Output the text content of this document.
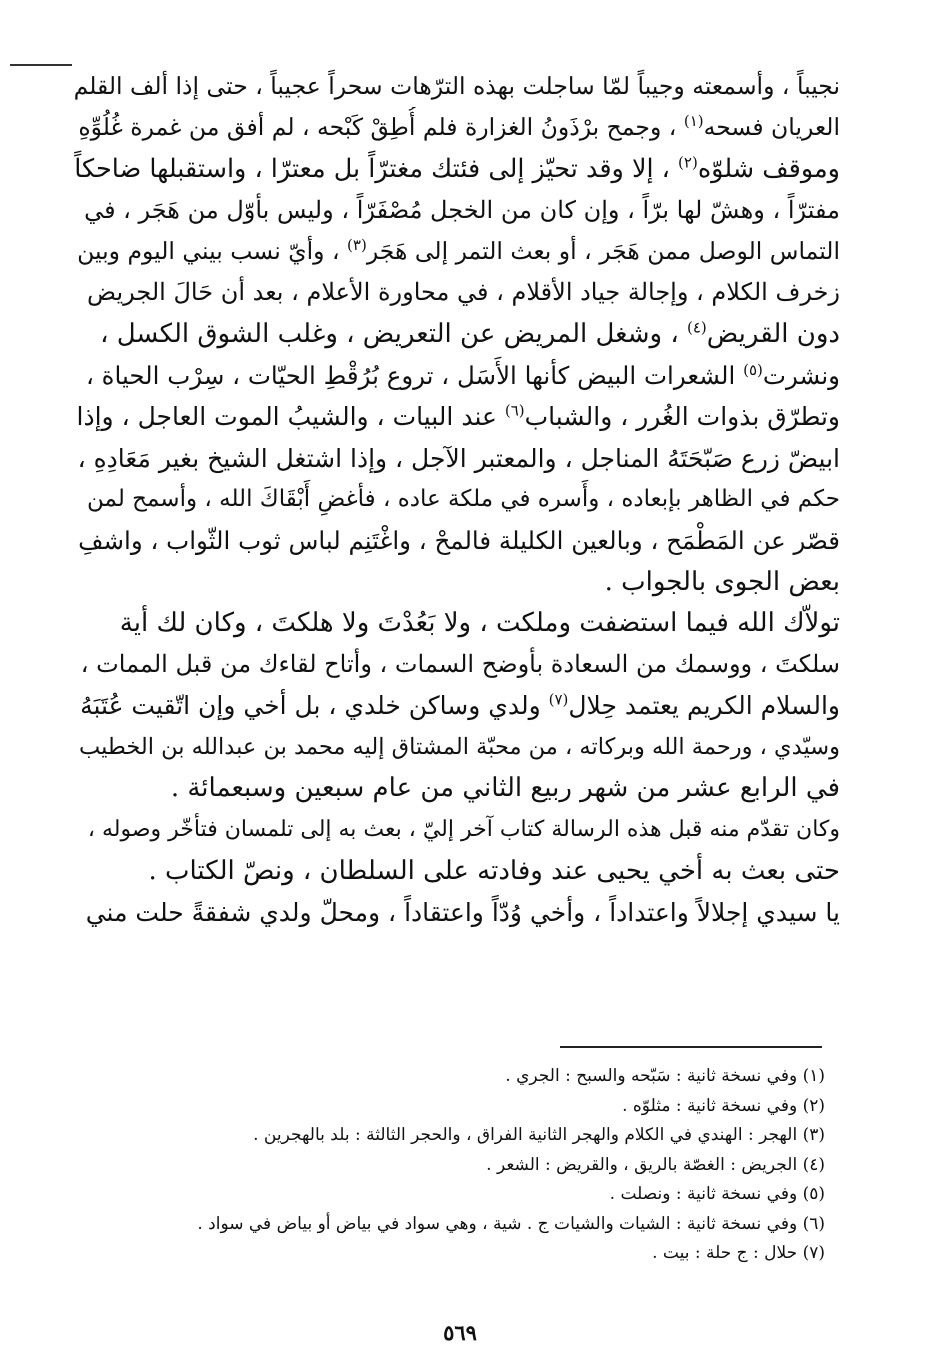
نجيباً ، وأسمعته وجيباً لمّا ساجلت بهذه الترّهات سحراً عجيباً ، حتى إذا ألف القلم
العريان فسحه$^{(١)}$ ، وجمح برْذَونُ الغزارة فلم أُطِقْ كَبْحه ، لم أفق من غمرة غُلُوِّهِ
وموقف شلوّه$^{(٢)}$ ، إلا وقد تحيّز إلى فئتك مغترّاً بل معترّا ، واستقبلها ضاحكاً
مفترّاً ، وهشّ لها برّاً ، وإن كان من الخجل مُصْفَرّاً ، وليس بأوّل من هَجَر ، في
التماس الوصل ممن هَجَر ، أو بعث التمر إلى هَجَر$^{(٣)}$ ، وأيّ نسب بيني اليوم وبين
زخرف الكلام ، وإجالة جياد الأقلام ، في محاورة الأعلام ، بعد أن حَالَ الجريض
دون القريض$^{(٤)}$ ، وشغل المريض عن التعريض ، وغلب الشوق الكسل ،
ونشرت$^{(٥)}$ الشعرات البيض كأنها الأَسَل ، تروع بُرُقْطِ الحيّات ، سِرْب الحياة ،
وتطرّق بذوات الغُرر ، والشباب$^{(٦)}$ عند البيات ، والشيبُ الموت العاجل ، وإذا
ابيضّ زرع صَبّحَتَهُ المناجل ، والمعتبر الآجل ، وإذا اشتغل الشيخ بغير مَعَادِهِ ،
حكم في الظاهر بإبعاده ، وأَسره في ملكة عاده ، فأغضِ أَبْقَاكَ الله ، وأسمح لمن
قصّر عن المَطْمَح ، وبالعين الكليلة فالمحْ ، واغْتَنِم لباس ثوب الثّواب ، واشفِ
بعض الجوى بالجواب .
تولاّك الله فيما استضفت وملكت ، ولا بَعُدْتَ ولا هلكتَ ، وكان لك أية
سلكتَ ، ووسمك من السعادة بأوضح السمات ، وأتاح لقاءك من قبل الممات ،
والسلام الكريم يعتمد حِلال$^{(٧)}$ ولدي وساكن خلدي ، بل أخي وإن اتّقيت عُتَبَهُ
وسيّدي ، ورحمة الله وبركاته ، من محبّة المشتاق إليه محمد بن عبدالله بن الخطيب
في الرابع عشر من شهر ربيع الثاني من عام سبعين وسبعمائة .
وكان تقدّم منه قبل هذه الرسالة كتاب آخر إليّ ، بعث به إلى تلمسان فتأخّر وصوله ،
حتى بعث به أخي يحيى عند وفادته على السلطان ، ونصّ الكتاب .
يا سيدي إجلالاً واعتداداً ، وأخي وُدّاً واعتقاداً ، ومحلّ ولدي شفقةً حلت مني
(١) وفي نسخة ثانية : سَبّحه والسبح : الجري .
(٢) وفي نسخة ثانية : مثلوّه .
(٣) الهجر : الهندي في الكلام والهجر الثانية الفراق ، والحجر الثالثة : بلد بالهجرين .
(٤) الجريض : الغصّة بالريق ، والقريض : الشعر .
(٥) وفي نسخة ثانية : ونصلت .
(٦) وفي نسخة ثانية : الشيات والشيات ج . شية ، وهي سواد في بياض أو بياض في سواد .
(٧) حلال : ج حلة : بيت .
٥٦٩
